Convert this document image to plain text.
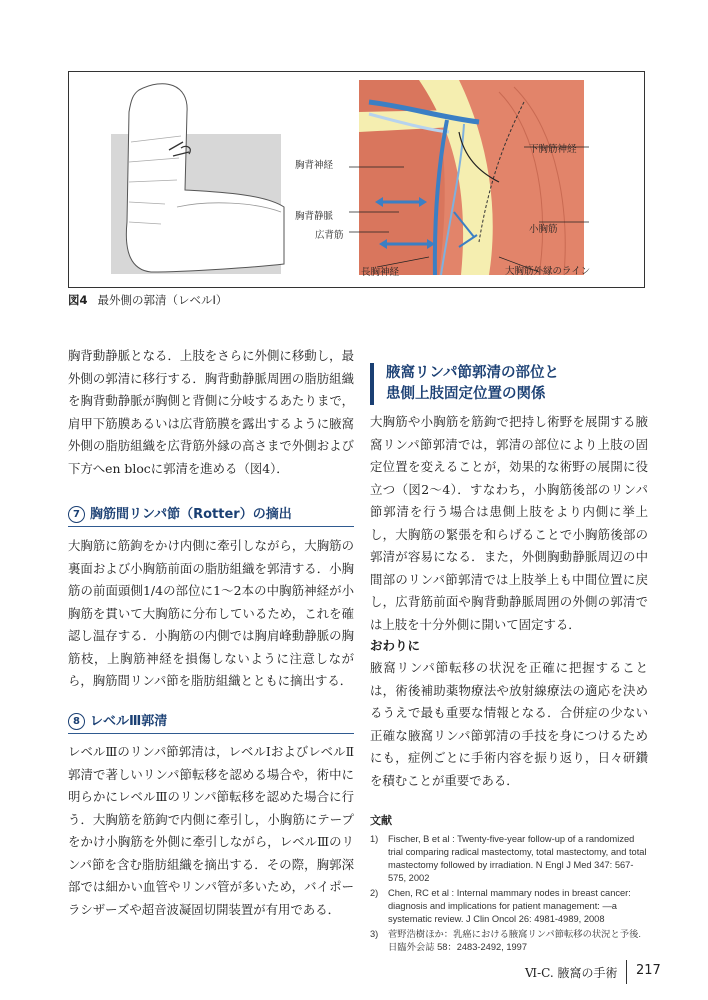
胸背神経
胸背静脈
広背筋
長胸神経
下胸筋神経
小胸筋
大胸筋外縁のライン
図4 最外側の郭清（レベルⅠ）

胸背動静脈となる．上肢をさらに外側に移動し，最外側の郭清に移行する．胸背動静脈周囲の脂肪組織を胸背動静脈が胸側と背側に分岐するあたりまで，肩甲下筋膜あるいは広背筋膜を露出するように腋窩外側の脂肪組織を広背筋外縁の高さまで外側および下方へen blocに郭清を進める（図4）．

7 胸筋間リンパ節（Rotter）の摘出

大胸筋に筋鉤をかけ内側に牽引しながら，大胸筋の裏面および小胸筋前面の脂肪組織を郭清する．小胸筋の前面頭側1/4の部位に1～2本の中胸筋神経が小胸筋を貫いて大胸筋に分布しているため，これを確認し温存する．小胸筋の内側では胸肩峰動静脈の胸筋枝，上胸筋神経を損傷しないように注意しながら，胸筋間リンパ節を脂肪組織とともに摘出する．

8 レベルⅢ郭清

レベルⅢのリンパ節郭清は，レベルⅠおよびレベルⅡ郭清で著しいリンパ節転移を認める場合や，術中に明らかにレベルⅢのリンパ節転移を認めた場合に行う．大胸筋を筋鉤で内側に牽引し，小胸筋にテープをかけ小胸筋を外側に牽引しながら，レベルⅢのリンパ節を含む脂肪組織を摘出する．その際，胸郭深部では細かい血管やリンパ管が多いため，バイポーラシザーズや超音波凝固切開装置が有用である．

腋窩リンパ節郭清の部位と
患側上肢固定位置の関係

大胸筋や小胸筋を筋鉤で把持し術野を展開する腋窩リンパ節郭清では，郭清の部位により上肢の固定位置を変えることが，効果的な術野の展開に役立つ（図2～4）．すなわち，小胸筋後部のリンパ節郭清を行う場合は患側上肢をより内側に挙上し，大胸筋の緊張を和らげることで小胸筋後部の郭清が容易になる．また，外側胸動静脈周辺の中間部のリンパ節郭清では上肢挙上も中間位置に戻し，広背筋前面や胸背動静脈周囲の外側の郭清では上肢を十分外側に開いて固定する．

おわりに

腋窩リンパ節転移の状況を正確に把握することは，術後補助薬物療法や放射線療法の適応を決めるうえで最も重要な情報となる．合併症の少ない正確な腋窩リンパ節郭清の手技を身につけるためにも，症例ごとに手術内容を振り返り，日々研鑽を積むことが重要である．

文献
1)	Fischer, B et al : Twenty-five-year follow-up of a randomized trial comparing radical mastectomy, total mastectomy, and total mastectomy followed by irradiation. N Engl J Med 347: 567-575, 2002
2)	Chen, RC et al : Internal mammary nodes in breast cancer: diagnosis and implications for patient management: —a systematic review. J Clin Oncol 26: 4981-4989, 2008
3)	菅野浩樹ほか：乳癌における腋窩リンパ節転移の状況と予後. 日臨外会誌 58：2483-2492, 1997
Ⅵ-C. 腋窩の手術 217
